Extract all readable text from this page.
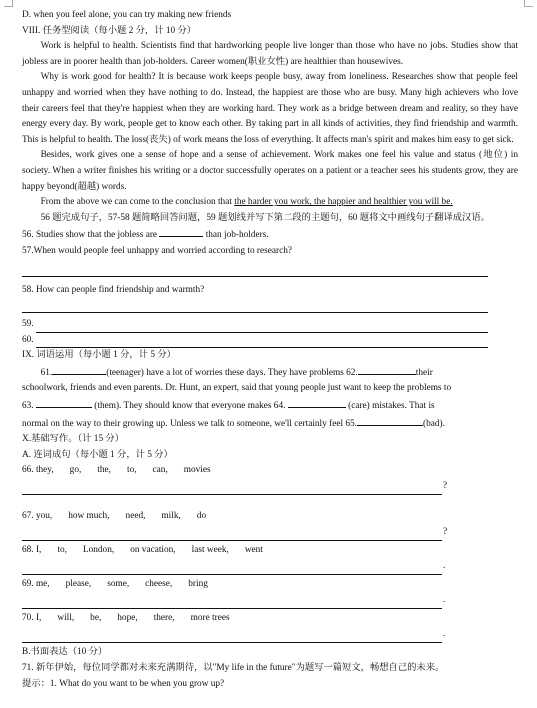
D. when you feel alone, you can try making new friends

VIII. 任务型阅读（每小题 2 分，计 10 分）

Work is helpful to health. Scientists find that hardworking people live longer than those who have no jobs. Studies show that jobless are in poorer health than job-holders. Career women(职业女性) are healthier than housewives.

Why is work good for health? It is because work keeps people busy, away from loneliness. Researches show that people feel unhappy and worried when they have nothing to do. Instead, the happiest are those who are busy. Many high achievers who love their careers feel that they're happiest when they are working hard. They work as a bridge between dream and reality, so they have energy every day. By work, people get to know each other. By taking part in all kinds of activities, they find friendship and warmth. This is helpful to health. The loss(丧失) of work means the loss of everything. It affects man's spirit and makes him easy to get sick.

Besides, work gives one a sense of hope and a sense of achievement. Work makes one feel his value and status (地位) in society. When a writer finishes his writing or a doctor successfully operates on a patient or a teacher sees his students grow, they are happy beyond(超越) words.

From the above we can come to the conclusion that the harder you work, the happier and healthier you will be.

56 题完成句子，57-58 题简略回答问题，59 题划线并写下第二段的主题句，60 题将文中画线句子翻译成汉语。

56. Studies show that the jobless are	than job-holders.

57.When would people feel unhappy and worried according to research?

58. How can people find friendship and warmth?

59.
60.

IX. 词语运用（每小题 1 分，计 5 分）

61.	(teenager) have a lot of worries these days. They have problems 62.	their

schoolwork, friends and even parents. Dr. Hunt, an expert, said that young people just want to keep the problems to

63.	(them). They should know that everyone makes 64.	(care) mistakes. That is

normal on the way to their growing up. Unless we talk to someone, we'll certainly feel 65.	(bad).

X.基础写作。（计 15 分）

A. 连词成句（每小题 1 分，计 5 分）

66. they, go, the, to, can, movies

?

67. you, how much, need, milk, do

?

68. I, to, London, on vacation, last week, went

.

69. me, please, some, cheese, bring

.

70. I, will, be, hope, there, more trees

.

B.书面表达（10 分）

71. 新年伊始，每位同学都对未来充满期待，以"My life in the future"为题写一篇短文，畅想自己的未来。

提示：1. What do you want to be when you grow up?
